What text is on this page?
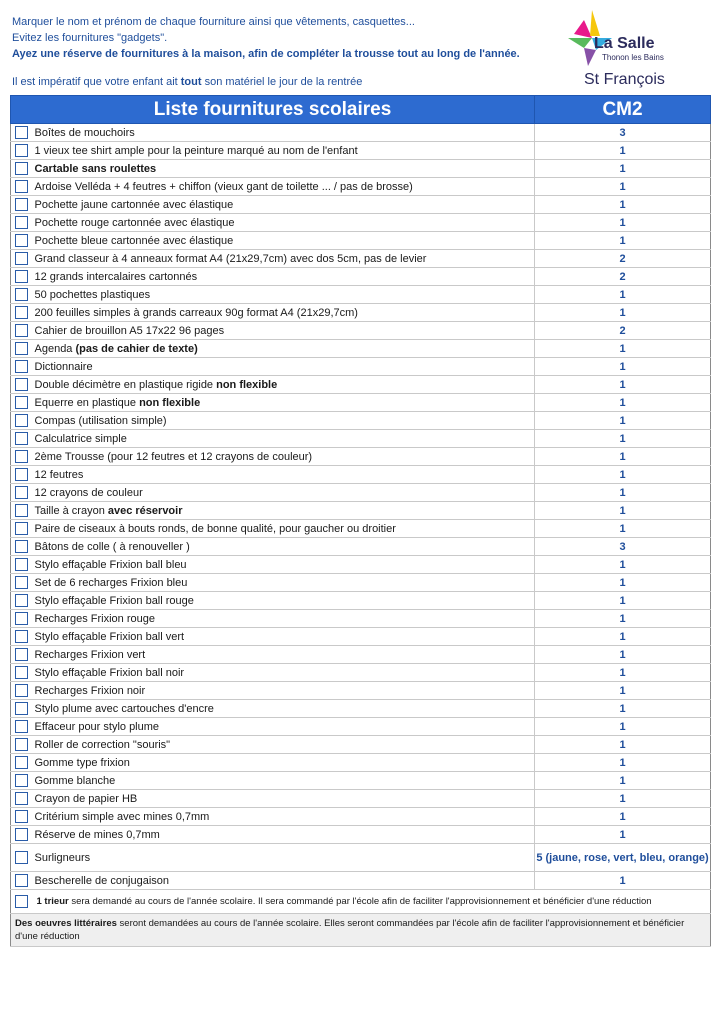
Marquer le nom et prénom de chaque fourniture ainsi que vêtements, casquettes...
Evitez les fournitures "gadgets".
Ayez une réserve de fournitures à la maison, afin de compléter la trousse tout au long de l'année.
Il est impératif que votre enfant ait tout son matériel le jour de la rentrée
La Salle
Thonon les Bains
St François
Liste fournitures scolaires		CM2
	Boîtes de mouchoirs	3
	1 vieux tee shirt ample pour la peinture marqué au nom de l'enfant	1
	Cartable sans roulettes	1
	Ardoise Velléda + 4 feutres + chiffon (vieux gant de toilette ... / pas de brosse)	1
	Pochette jaune cartonnée avec élastique	1
	Pochette rouge cartonnée avec élastique	1
	Pochette bleue cartonnée avec élastique	1
	Grand classeur à 4 anneaux format A4 (21x29,7cm) avec dos 5cm, pas de levier	2
	12 grands intercalaires cartonnés	2
	50 pochettes plastiques	1
	200 feuilles simples à grands carreaux 90g format A4 (21x29,7cm)	1
	Cahier de brouillon A5 17x22 96 pages	2
	Agenda (pas de cahier de texte)	1
	Dictionnaire	1
	Double décimètre en plastique rigide non flexible	1
	Equerre en plastique non flexible	1
	Compas (utilisation simple)	1
	Calculatrice simple	1
	2ème Trousse (pour 12 feutres et 12 crayons de couleur)	1
	12 feutres	1
	12 crayons de couleur	1
	Taille à crayon avec réservoir	1
	Paire de ciseaux à bouts ronds, de bonne qualité, pour gaucher ou droitier	1
	Bâtons de colle ( à renouveller )	3
	Stylo effaçable Frixion ball bleu	1
	Set de 6 recharges Frixion bleu	1
	Stylo effaçable Frixion ball rouge	1
	Recharges Frixion rouge	1
	Stylo effaçable Frixion ball vert	1
	Recharges Frixion vert	1
	Stylo effaçable Frixion ball noir	1
	Recharges Frixion noir	1
	Stylo plume avec cartouches d'encre	1
	Effaceur pour stylo plume	1
	Roller de correction "souris"	1
	Gomme type frixion	1
	Gomme blanche	1
	Crayon de papier HB	1
	Critérium simple avec mines 0,7mm	1
	Réserve de mines 0,7mm	1
	Surligneurs	5 (jaune, rose, vert, bleu, orange)
	Bescherelle de conjugaison	1
	1 trieur sera demandé au cours de l'année scolaire. Il sera commandé par l'école afin de faciliter l'approvisionnement et bénéficier d'une réduction	
Des oeuvres littéraires seront demandées au cours de l'année scolaire. Elles seront commandées par l'école afin de faciliter l'approvisionnement et bénéficier d'une réduction		
